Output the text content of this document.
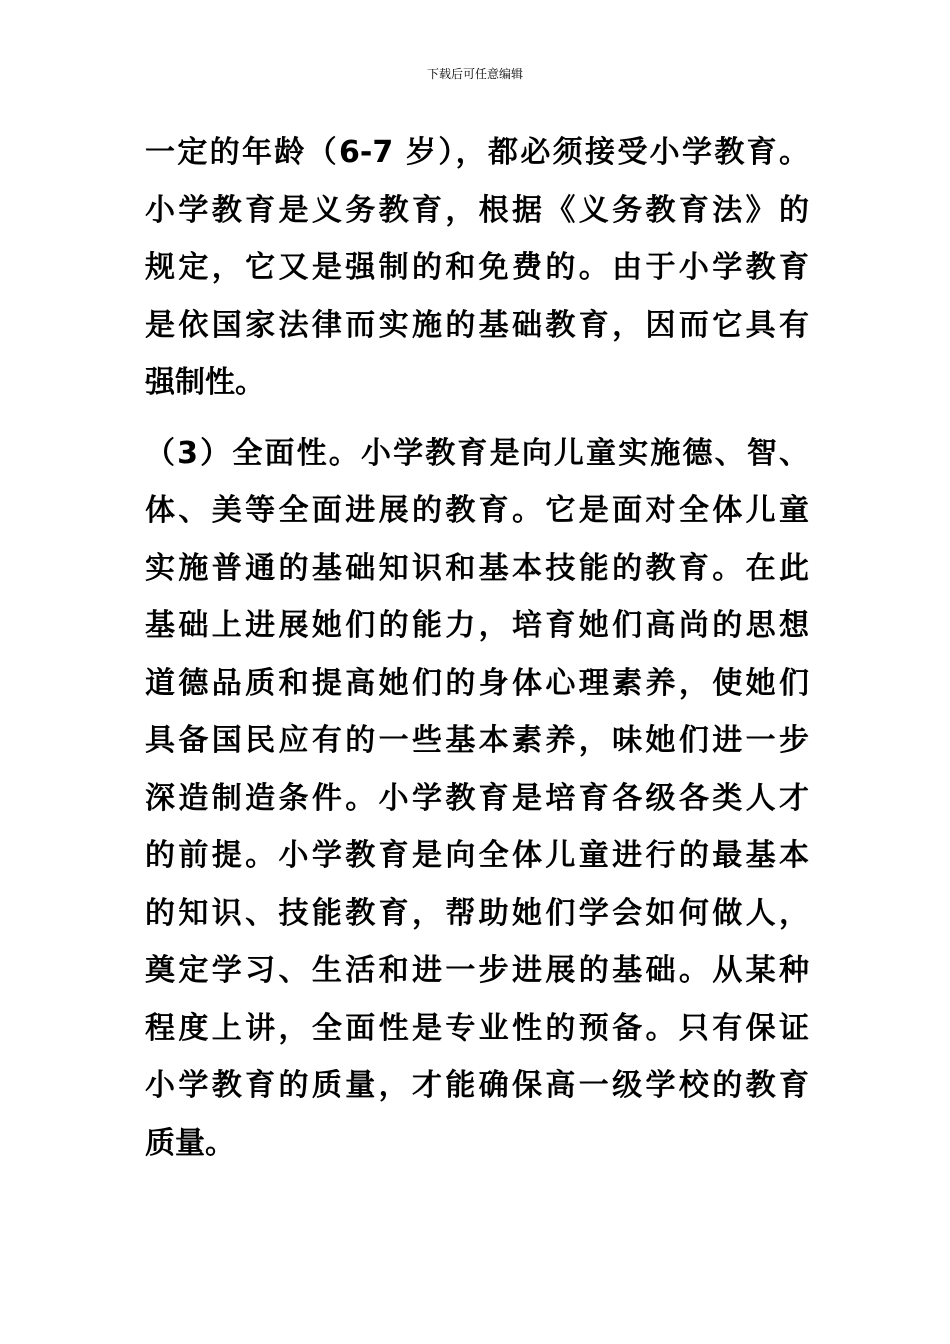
下载后可任意编辑
一定的年龄（6-7 岁），都必须接受小学教育。
小学教育是义务教育，根据《义务教育法》的
规定，它又是强制的和免费的。由于小学教育
是依国家法律而实施的基础教育，因而它具有
强制性。
（3）全面性。小学教育是向儿童实施德、智、
体、美等全面进展的教育。它是面对全体儿童
实施普通的基础知识和基本技能的教育。在此
基础上进展她们的能力，培育她们高尚的思想
道德品质和提高她们的身体心理素养，使她们
具备国民应有的一些基本素养，味她们进一步
深造制造条件。小学教育是培育各级各类人才
的前提。小学教育是向全体儿童进行的最基本
的知识、技能教育，帮助她们学会如何做人，
奠定学习、生活和进一步进展的基础。从某种
程度上讲，全面性是专业性的预备。只有保证
小学教育的质量，才能确保高一级学校的教育
质量。
